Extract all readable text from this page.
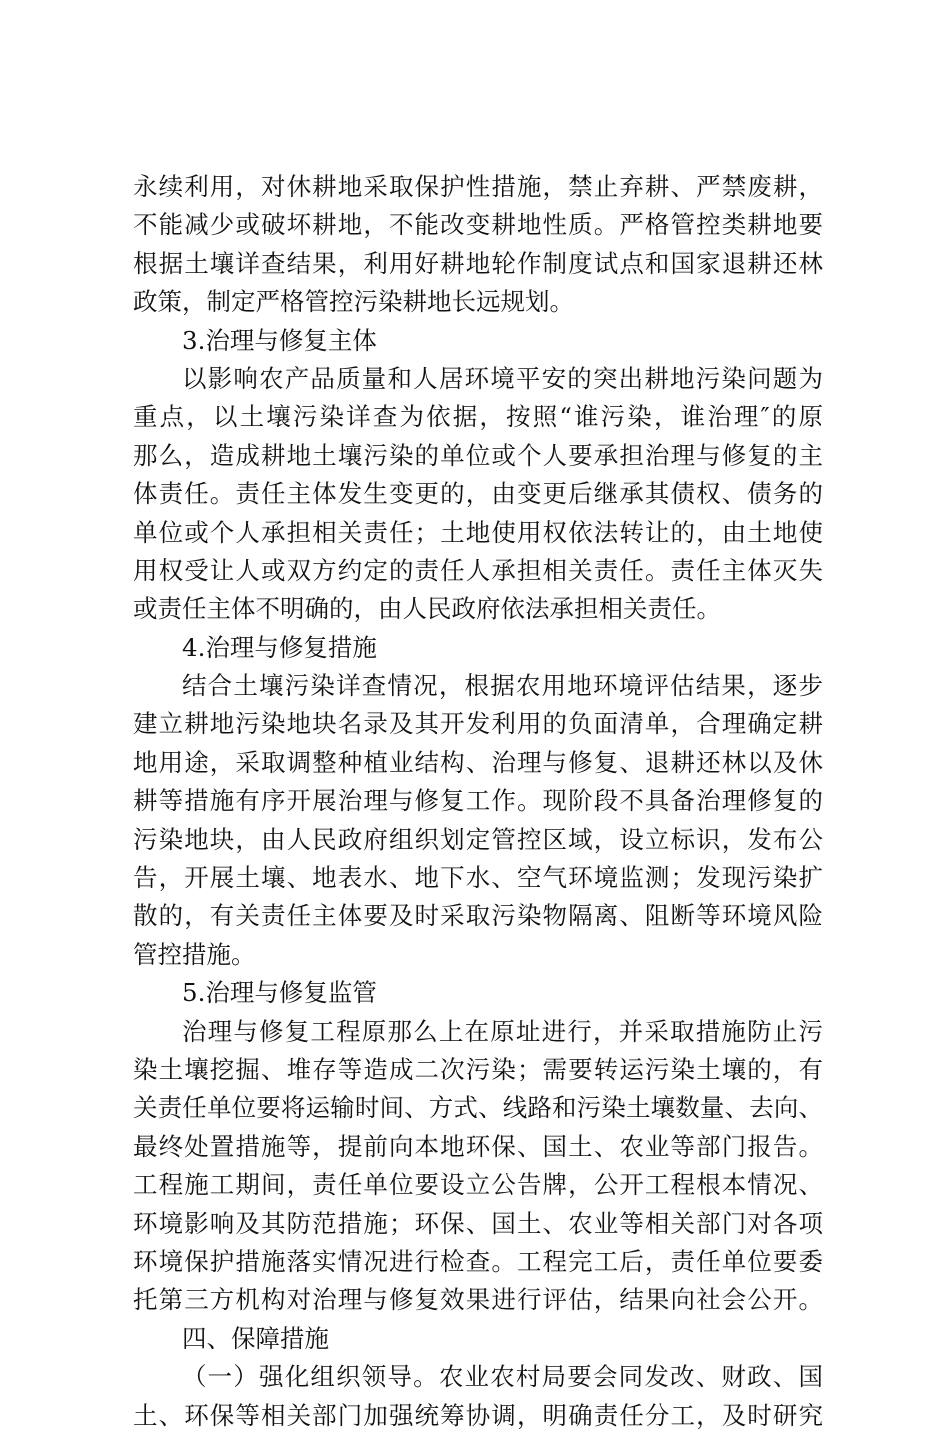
永续利用，对休耕地采取保护性措施，禁止弃耕、严禁废耕，
不能减少或破坏耕地，不能改变耕地性质。严格管控类耕地要
根据土壤详查结果，利用好耕地轮作制度试点和国家退耕还林
政策，制定严格管控污染耕地长远规划。
3.治理与修复主体
以影响农产品质量和人居环境平安的突出耕地污染问题为
重点，以土壤污染详查为依据，按照“谁污染，谁治理″的原
那么，造成耕地土壤污染的单位或个人要承担治理与修复的主
体责任。责任主体发生变更的，由变更后继承其债权、债务的
单位或个人承担相关责任；土地使用权依法转让的，由土地使
用权受让人或双方约定的责任人承担相关责任。责任主体灭失
或责任主体不明确的，由人民政府依法承担相关责任。
4.治理与修复措施
结合土壤污染详查情况，根据农用地环境评估结果，逐步
建立耕地污染地块名录及其开发利用的负面清单，合理确定耕
地用途，采取调整种植业结构、治理与修复、退耕还林以及休
耕等措施有序开展治理与修复工作。现阶段不具备治理修复的
污染地块，由人民政府组织划定管控区域，设立标识，发布公
告，开展土壤、地表水、地下水、空气环境监测；发现污染扩
散的，有关责任主体要及时采取污染物隔离、阻断等环境风险
管控措施。
5.治理与修复监管
治理与修复工程原那么上在原址进行，并采取措施防止污
染土壤挖掘、堆存等造成二次污染；需要转运污染土壤的，有
关责任单位要将运输时间、方式、线路和污染土壤数量、去向、
最终处置措施等，提前向本地环保、国土、农业等部门报告。
工程施工期间，责任单位要设立公告牌，公开工程根本情况、
环境影响及其防范措施；环保、国土、农业等相关部门对各项
环境保护措施落实情况进行检查。工程完工后，责任单位要委
托第三方机构对治理与修复效果进行评估，结果向社会公开。
四、保障措施
（一）强化组织领导。农业农村局要会同发改、财政、国
土、环保等相关部门加强统筹协调，明确责任分工，及时研究
